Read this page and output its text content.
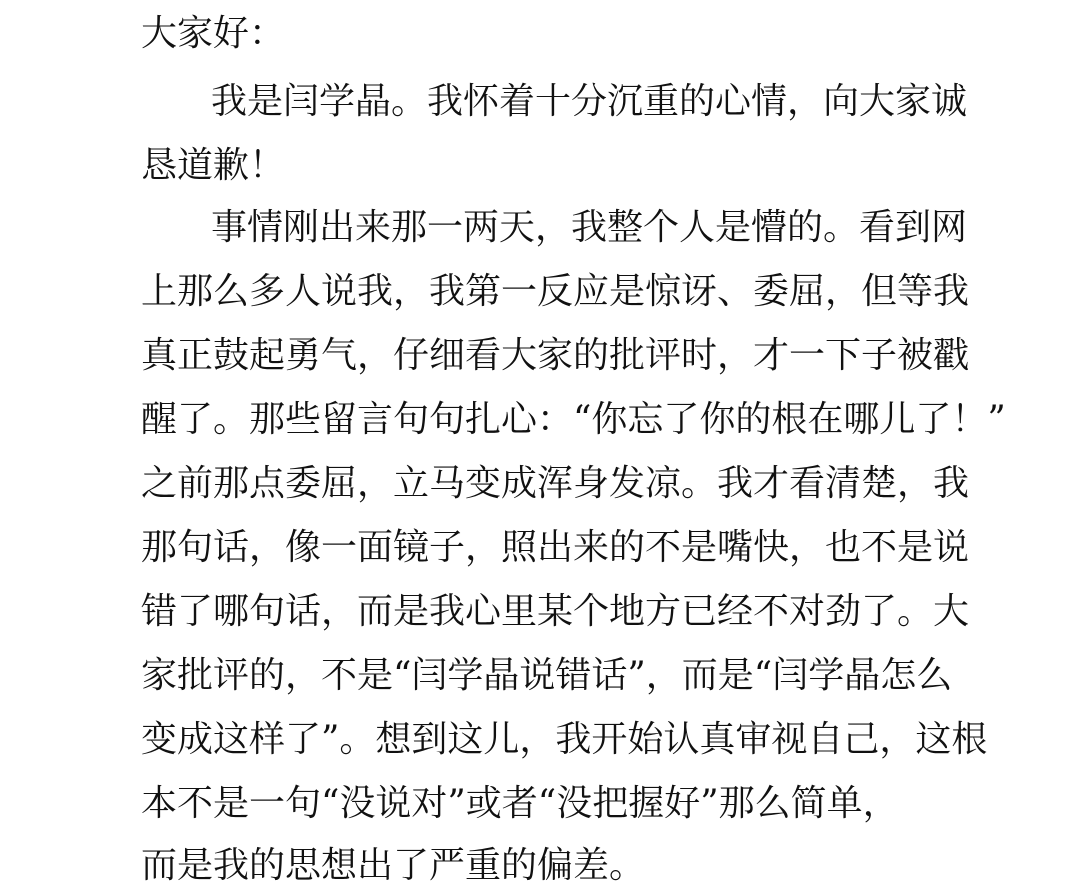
大家好：
我是闫学晶。我怀着十分沉重的心情，向大家诚
恳道歉！
事情刚出来那一两天，我整个人是懵的。看到网
上那么多人说我，我第一反应是惊讶、委屈，但等我
真正鼓起勇气，仔细看大家的批评时，才一下子被戳
醒了。那些留言句句扎心：“你忘了你的根在哪儿了！”
之前那点委屈，立马变成浑身发凉。我才看清楚，我
那句话，像一面镜子，照出来的不是嘴快，也不是说
错了哪句话，而是我心里某个地方已经不对劲了。大
家批评的，不是“闫学晶说错话”，而是“闫学晶怎么
变成这样了”。想到这儿，我开始认真审视自己，这根
本不是一句“没说对”或者“没把握好”那么简单，
而是我的思想出了严重的偏差。
